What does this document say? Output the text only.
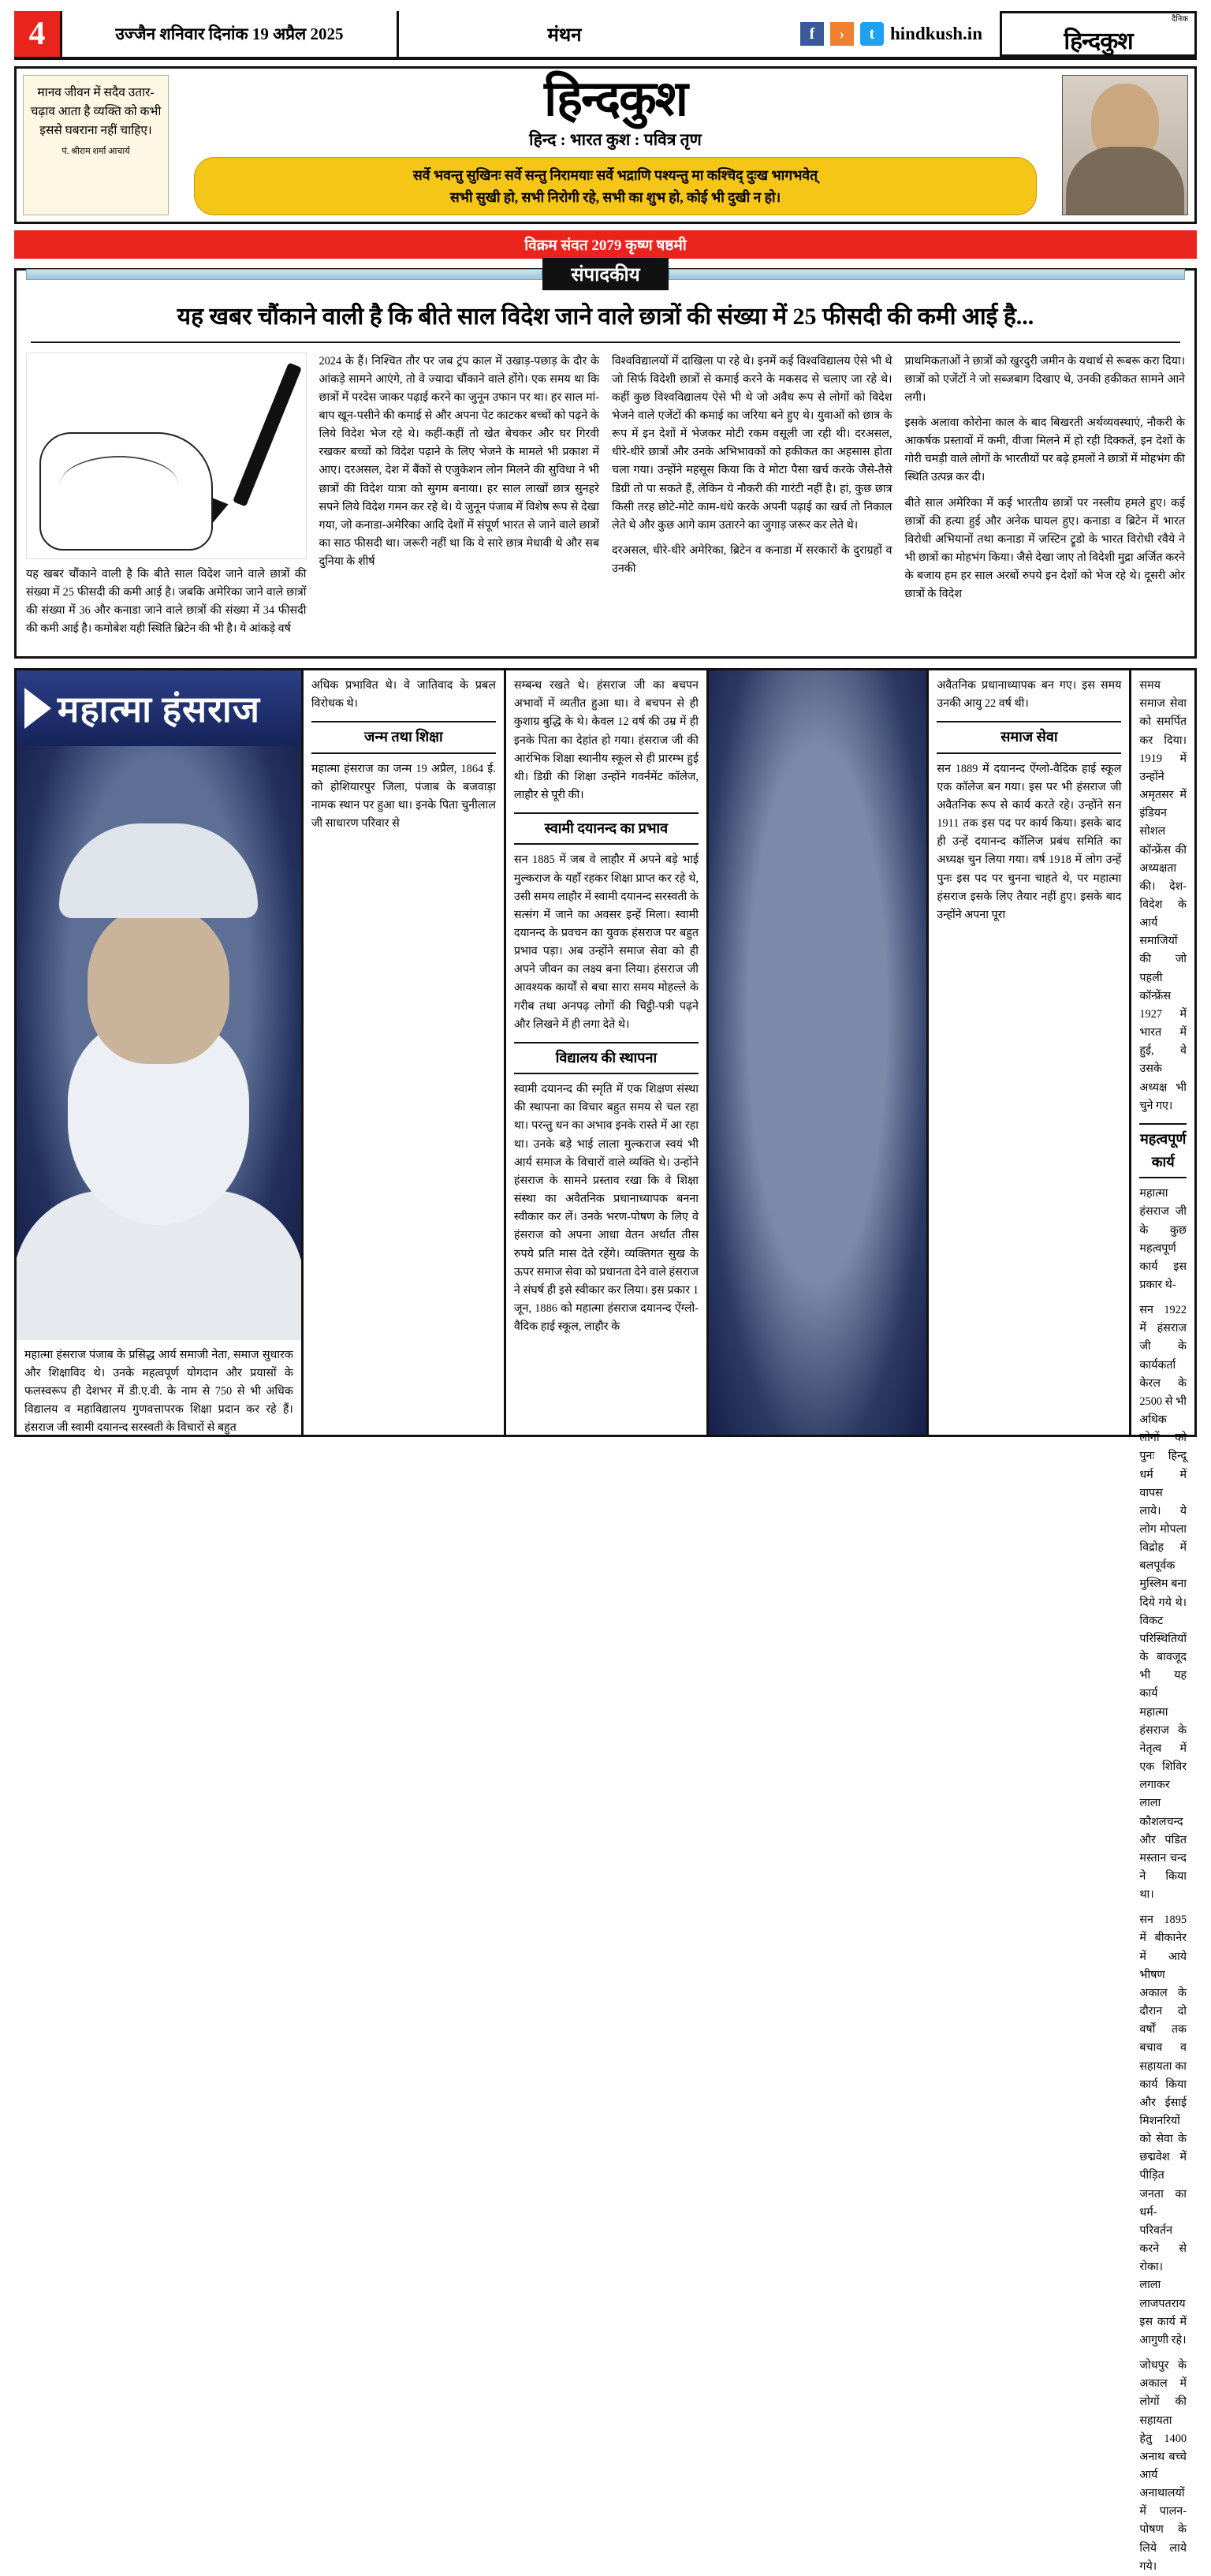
4	उज्जैन शनिवार दिनांक 19 अप्रैल 2025	मंथन	f	›	t hindkush.in
दैनिक
हिन्दकुश
मानव जीवन में सदैव उतार-चढ़ाव आता है व्यक्ति को कभी इससे घबराना नहीं चाहिए।
पं. श्रीराम शर्मा आचार्य
हिन्दकुश
हिन्द : भारत कुश : पवित्र तृण
सर्वे भवन्तु सुखिनः सर्वे सन्तु निरामयाः सर्वे भद्राणि पश्यन्तु मा कश्चिद् दुःख भागभवेत्
सभी सुखी हो, सभी निरोगी रहे, सभी का शुभ हो, कोई भी दुखी न हो।
विक्रम संवत 2079 कृष्ण षष्ठमी
संपादकीय
यह खबर चौंकाने वाली है कि बीते साल विदेश जाने वाले छात्रों की संख्या में 25 फीसदी की कमी आई है...

यह खबर चौंकाने वाली है कि बीते साल विदेश जाने वाले छात्रों की संख्या में 25 फीसदी की कमी आई है। जबकि अमेरिका जाने वाले छात्रों की संख्या में 36 और कनाडा जाने वाले छात्रों की संख्या में 34 फीसदी की कमी आई है। कमोबेश यही स्थिति ब्रिटेन की भी है। ये आंकड़े वर्ष

2024 के हैं। निश्चित तौर पर जब ट्रंप काल में उखाड़-पछाड़ के दौर के आंकड़े सामने आएंगे, तो वे ज्यादा चौंकाने वाले होंगे। एक समय था कि छात्रों में परदेस जाकर पढ़ाई करने का जुनून उफान पर था। हर साल मां-बाप खून-पसीने की कमाई से और अपना पेट काटकर बच्चों को पढ़ने के लिये विदेश भेज रहे थे। कहीं-कहीं तो खेत बेचकर और घर गिरवी रखकर बच्चों को विदेश पढ़ाने के लिए भेजने के मामले भी प्रकाश में आए। दरअसल, देश में बैंकों से एजुकेशन लोन मिलने की सुविधा ने भी छात्रों की विदेश यात्रा को सुगम बनाया। हर साल लाखों छात्र सुनहरे सपने लिये विदेश गमन कर रहे थे। ये जुनून पंजाब में विशेष रूप से देखा गया, जो कनाडा-अमेरिका आदि देशों में संपूर्ण भारत से जाने वाले छात्रों का साठ फीसदी था। जरूरी नहीं था कि ये सारे छात्र मेधावी थे और सब दुनिया के शीर्ष

विश्वविद्यालयों में दाखिला पा रहे थे। इनमें कई विश्वविद्यालय ऐसे भी थे जो सिर्फ विदेशी छात्रों से कमाई करने के मकसद से चलाए जा रहे थे। कहीं कुछ विश्वविद्यालय ऐसे भी थे जो अवैध रूप से लोगों को विदेश भेजने वाले एजेंटों की कमाई का जरिया बने हुए थे। युवाओं को छात्र के रूप में इन देशों में भेजकर मोटी रकम वसूली जा रही थी। दरअसल, धीरे-धीरे छात्रों और उनके अभिभावकों को हकीकत का अहसास होता चला गया। उन्होंने महसूस किया कि वे मोटा पैसा खर्च करके जैसे-तैसे डिग्री तो पा सकते हैं, लेकिन ये नौकरी की गारंटी नहीं है। हां, कुछ छात्र किसी तरह छोटे-मोटे काम-धंधे करके अपनी पढ़ाई का खर्च तो निकाल लेते थे और कुछ आगे काम उतारने का जुगाड़ जरूर कर लेते थे।

दरअसल, धीरे-धीरे अमेरिका, ब्रिटेन व कनाडा में सरकारों के दुराग्रहों व उनकी

प्राथमिकताओं ने छात्रों को खुरदुरी जमीन के यथार्थ से रूबरू करा दिया। छात्रों को एजेंटों ने जो सब्जबाग दिखाए थे, उनकी हकीकत सामने आने लगी।

इसके अलावा कोरोना काल के बाद बिखरती अर्थव्यवस्थाएं, नौकरी के आकर्षक प्रस्तावों में कमी, वीजा मिलने में हो रही दिक्कतें, इन देशों के गोरी चमड़ी वाले लोगों के भारतीयों पर बढ़े हमलों ने छात्रों में मोहभंग की स्थिति उत्पन्न कर दी।

बीते साल अमेरिका में कई भारतीय छात्रों पर नस्लीय हमले हुए। कई छात्रों की हत्या हुई और अनेक घायल हुए। कनाडा व ब्रिटेन में भारत विरोधी अभियानों तथा कनाडा में जस्टिन ट्रूडो के भारत विरोधी रवैये ने भी छात्रों का मोहभंग किया। जैसे देखा जाए तो विदेशी मुद्रा अर्जित करने के बजाय हम हर साल अरबों रुपये इन देशों को भेज रहे थे। दूसरी ओर छात्रों के विदेश

महात्मा हंसराज
महात्मा हंसराज पंजाब के प्रसिद्ध आर्य समाजी नेता, समाज सुधारक और शिक्षाविद थे। उनके महत्वपूर्ण योगदान और प्रयासों के फलस्वरूप ही देशभर में डी.ए.वी. के नाम से 750 से भी अधिक विद्यालय व महाविद्यालय गुणवत्तापरक शिक्षा प्रदान कर रहे हैं। हंसराज जी स्वामी दयानन्द सरस्वती के विचारों से बहुत

अधिक प्रभावित थे। वे जातिवाद के प्रबल विरोधक थे।

जन्म तथा शिक्षा

महात्मा हंसराज का जन्म 19 अप्रैल, 1864 ई. को होशियारपुर जिला, पंजाब के बजवाड़ा नामक स्थान पर हुआ था। इनके पिता चुनीलाल जी साधारण परिवार से

सम्बन्ध रखते थे। हंसराज जी का बचपन अभावों में व्यतीत हुआ था। वे बचपन से ही कुशाग्र बुद्धि के थे। केवल 12 वर्ष की उम्र में ही इनके पिता का देहांत हो गया। हंसराज जी की आरंभिक शिक्षा स्थानीय स्कूल से ही प्रारम्भ हुई थी। डिग्री की शिक्षा उन्होंने गवर्नमेंट कॉलेज, लाहौर से पूरी की।

स्वामी दयानन्द का प्रभाव

सन 1885 में जब वे लाहौर में अपने बड़े भाई मुल्कराज के यहाँ रहकर शिक्षा प्राप्त कर रहे थे, उसी समय लाहौर में स्वामी दयानन्द सरस्वती के सत्संग में जाने का अवसर इन्हें मिला। स्वामी दयानन्द के प्रवचन का युवक हंसराज पर बहुत प्रभाव पड़ा। अब उन्होंने समाज सेवा को ही अपने जीवन का लक्ष्य बना लिया। हंसराज जी आवश्यक कार्यों से बचा सारा समय मोहल्ले के गरीब तथा अनपढ़ लोगों की चिट्ठी-पत्री पढ़ने और लिखने में ही लगा देते थे।

विद्यालय की स्थापना

स्वामी दयानन्द की स्मृति में एक शिक्षण संस्था की स्थापना का विचार बहुत समय से चल रहा था। परन्तु धन का अभाव इनके रास्ते में आ रहा था। उनके बड़े भाई लाला मुल्कराज स्वयं भी आर्य समाज के विचारों वाले व्यक्ति थे। उन्होंने हंसराज के सामने प्रस्ताव रखा कि वे शिक्षा संस्था का अवैतनिक प्रधानाध्यापक बनना स्वीकार कर लें। उनके भरण-पोषण के लिए वे हंसराज को अपना आधा वेतन अर्थात तीस रुपये प्रति मास देते रहेंगे। व्यक्तिगत सुख के ऊपर समाज सेवा को प्रधानता देने वाले हंसराज ने संघर्ष ही इसे स्वीकार कर लिया। इस प्रकार 1 जून, 1886 को महात्मा हंसराज दयानन्द ऐंग्लो-वैदिक हाई स्कूल, लाहौर के

अवैतनिक प्रधानाध्यापक बन गए। इस समय उनकी आयु 22 वर्ष थी।

समाज सेवा

सन 1889 में दयानन्द ऐंग्लो-वैदिक हाई स्कूल एक कॉलेज बन गया। इस पर भी हंसराज जी अवैतनिक रूप से कार्य करते रहे। उन्होंने सन 1911 तक इस पद पर कार्य किया। इसके बाद ही उन्हें दयानन्द कॉलिज प्रबंध समिति का अध्यक्ष चुन लिया गया। वर्ष 1918 में लोग उन्हें पुनः इस पद पर चुनना चाहते थे, पर महात्मा हंसराज इसके लिए तैयार नहीं हुए। इसके बाद उन्होंने अपना पूरा

समय समाज सेवा को समर्पित कर दिया। 1919 में उन्होंने अमृतसर में इंडियन सोशल कॉन्फ्रेंस की अध्यक्षता की। देश-विदेश के आर्य समाजियों की जो पहली कॉन्फ्रेंस 1927 में भारत में हुई, वे उसके अध्यक्ष भी चुने गए।

महत्वपूर्ण कार्य

महात्मा हंसराज जी के कुछ महत्वपूर्ण कार्य इस प्रकार थे-

सन 1922 में हंसराज जी के कार्यकर्ता केरल के 2500 से भी अधिक लोगों को पुनः हिन्दू धर्म में वापस लाये। ये लोग मोपला विद्रोह में बलपूर्वक मुस्लिम बना दिये गये थे। विकट परिस्थितियों के बावजूद भी यह कार्य महात्मा हंसराज के नेतृत्व में एक शिविर लगाकर लाला कौशलचन्द और पंडित मस्तान चन्द ने किया था।

सन 1895 में बीकानेर में आये भीषण अकाल के दौरान दो वर्षों तक बचाव व सहायता का कार्य किया और ईसाई मिशनरियों को सेवा के छद्मवेश में पीड़ित जनता का धर्म-परिवर्तन करने से रोका। लाला लाजपतराय इस कार्य में आगुणी रहे।

जोधपुर के अकाल में लोगों की सहायता हेतु 1400 अनाथ बच्चे आर्य अनाथालयों में पालन-पोषण के लिये लाये गये।
